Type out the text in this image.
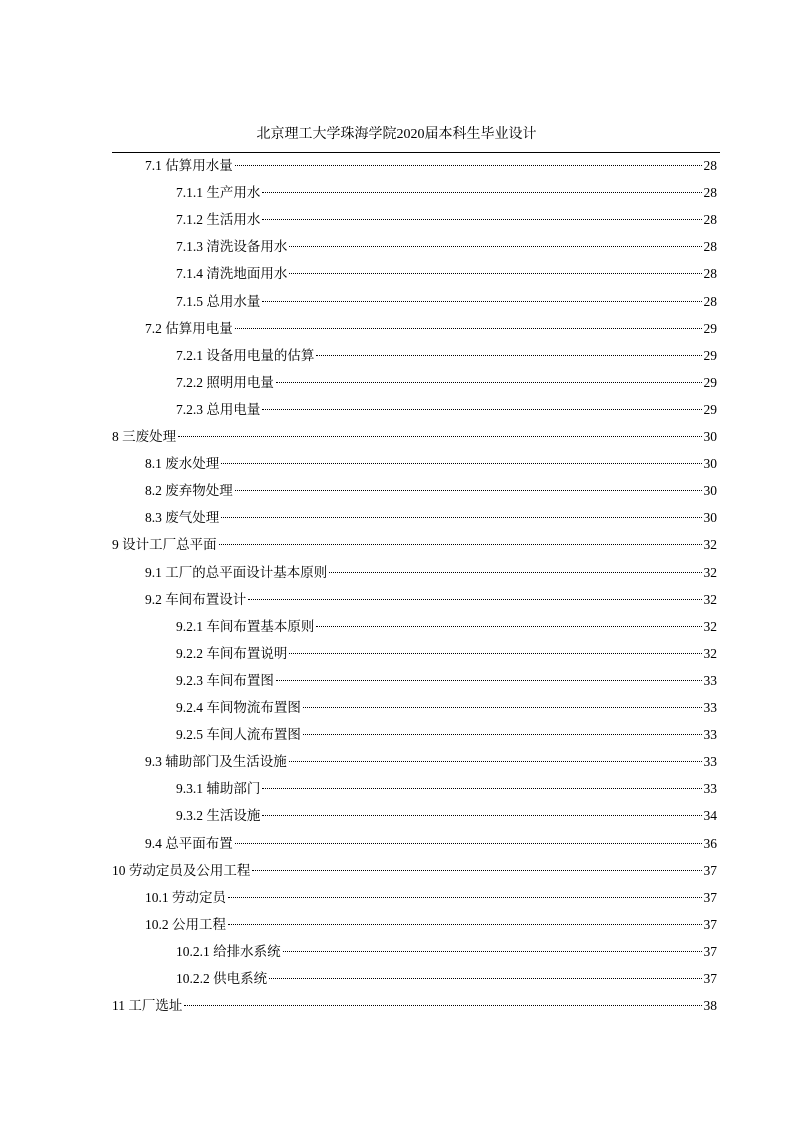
北京理工大学珠海学院2020届本科生毕业设计
7.1 估算用水量	28
7.1.1 生产用水	28
7.1.2 生活用水	28
7.1.3 清洗设备用水	28
7.1.4 清洗地面用水	28
7.1.5 总用水量	28
7.2 估算用电量	29
7.2.1 设备用电量的估算	29
7.2.2 照明用电量	29
7.2.3 总用电量	29
8 三废处理	30
8.1 废水处理	30
8.2 废弃物处理	30
8.3 废气处理	30
9 设计工厂总平面	32
9.1 工厂的总平面设计基本原则	32
9.2 车间布置设计	32
9.2.1 车间布置基本原则	32
9.2.2 车间布置说明	32
9.2.3 车间布置图	33
9.2.4 车间物流布置图	33
9.2.5 车间人流布置图	33
9.3 辅助部门及生活设施	33
9.3.1 辅助部门	33
9.3.2 生活设施	34
9.4 总平面布置	36
10 劳动定员及公用工程	37
10.1 劳动定员	37
10.2 公用工程	37
10.2.1 给排水系统	37
10.2.2 供电系统	37
11 工厂选址	38
